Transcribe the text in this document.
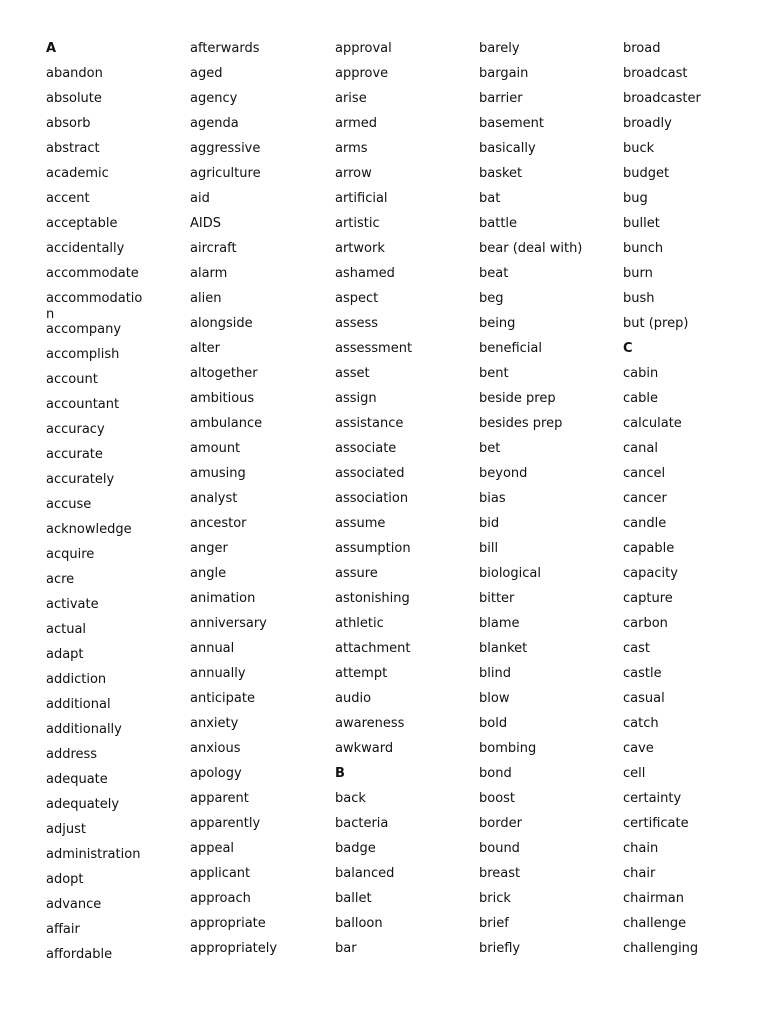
A
abandon
absolute
absorb
abstract
academic
accent
acceptable
accidentally
accommodate
accommodation
accompany
accomplish
account
accountant
accuracy
accurate
accurately
accuse
acknowledge
acquire
acre
activate
actual
adapt
addiction
additional
additionally
address
adequate
adequately
adjust
administration
adopt
advance
affair
affordable
afterwards
aged
agency
agenda
aggressive
agriculture
aid
AIDS
aircraft
alarm
alien
alongside
alter
altogether
ambitious
ambulance
amount
amusing
analyst
ancestor
anger
angle
animation
anniversary
annual
annually
anticipate
anxiety
anxious
apology
apparent
apparently
appeal
applicant
approach
appropriate
appropriately
approval
approve
arise
armed
arms
arrow
artificial
artistic
artwork
ashamed
aspect
assess
assessment
asset
assign
assistance
associate
associated
association
assume
assumption
assure
astonishing
athletic
attachment
attempt
audio
awareness
awkward
B
back
bacteria
badge
balanced
ballet
balloon
bar
barely
bargain
barrier
basement
basically
basket
bat
battle
bear (deal with)
beat
beg
being
beneficial
bent
beside prep
besides prep
bet
beyond
bias
bid
bill
biological
bitter
blame
blanket
blind
blow
bold
bombing
bond
boost
border
bound
breast
brick
brief
briefly
broad
broadcast
broadcaster
broadly
buck
budget
bug
bullet
bunch
burn
bush
but (prep)
C
cabin
cable
calculate
canal
cancel
cancer
candle
capable
capacity
capture
carbon
cast
castle
casual
catch
cave
cell
certainty
certificate
chain
chair
chairman
challenge
challenging
